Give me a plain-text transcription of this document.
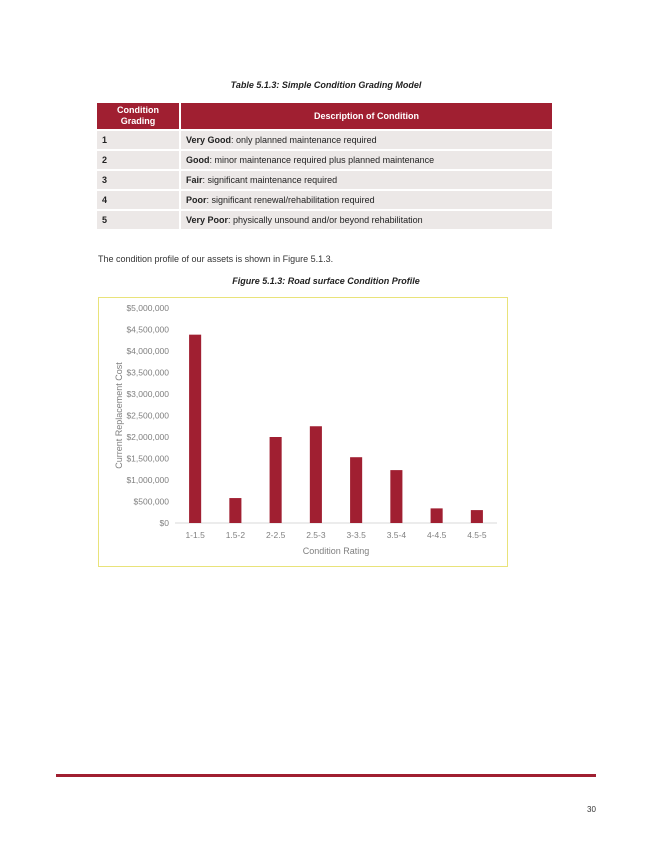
Table 5.1.3: Simple Condition Grading Model
Condition Grading	Description of Condition
1	Very Good: only planned maintenance required
2	Good: minor maintenance required plus planned maintenance
3	Fair: significant maintenance required
4	Poor: significant renewal/rehabilitation required
5	Very Poor: physically unsound and/or beyond rehabilitation
The condition profile of our assets is shown in Figure 5.1.3.
Figure 5.1.3: Road surface Condition Profile
$0
$500,000
$1,000,000
$1,500,000
$2,000,000
$2,500,000
$3,000,000
$3,500,000
$4,000,000
$4,500,000
$5,000,000
1-1.5 1.5-2 2-2.5 2.5-3 3-3.5 3.5-4 4-4.5 4.5-5
Condition Rating
Current Replacement Cost
30
